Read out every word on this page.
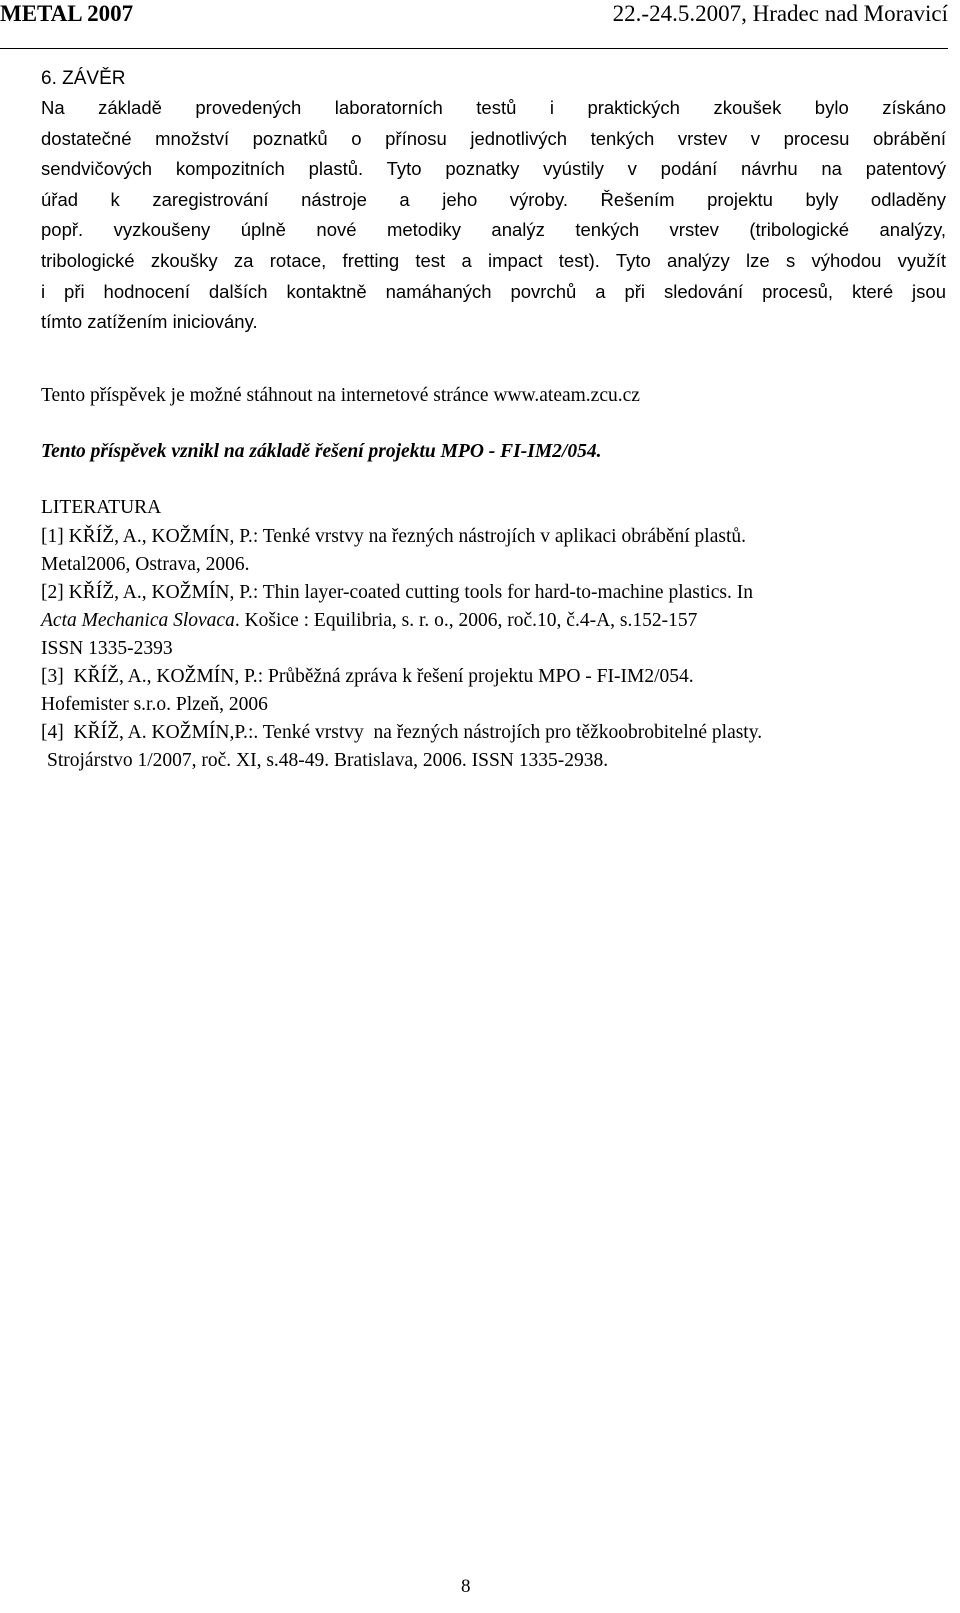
METAL 2007	22.-24.5.2007, Hradec nad Moravicí

6. ZÁVĚR

Na základě provedených laboratorních testů i praktických zkoušek bylo získáno
dostatečné množství poznatků o přínosu jednotlivých tenkých vrstev v procesu obrábění
sendvičových kompozitních plastů. Tyto poznatky vyústily v podání návrhu na patentový
úřad k zaregistrování nástroje a jeho výroby. Řešením projektu byly odladěny
popř. vyzkoušeny úplně nové metodiky analýz tenkých vrstev (tribologické analýzy,
tribologické zkoušky za rotace, fretting test a impact test). Tyto analýzy lze s výhodou využít
i při hodnocení dalších kontaktně namáhaných povrchů a při sledování procesů, které jsou
tímto zatížením iniciovány.

Tento příspěvek je možné stáhnout na internetové stránce www.ateam.zcu.cz
Tento příspěvek vznikl na základě řešení projektu MPO - FI-IM2/054.
LITERATURA
[1] KŘÍŽ, A., KOŽMÍN, P.: Tenké vrstvy na řezných nástrojích v aplikaci obrábění plastů.
Metal2006, Ostrava, 2006.
[2] KŘÍŽ, A., KOŽMÍN, P.: Thin layer-coated cutting tools for hard-to-machine plastics. In
Acta Mechanica Slovaca. Košice : Equilibria, s. r. o., 2006, roč.10, č.4-A, s.152-157
ISSN 1335-2393
[3]  KŘÍŽ, A., KOŽMÍN, P.: Průběžná zpráva k řešení projektu MPO - FI-IM2/054.
Hofemister s.r.o. Plzeň, 2006
[4]  KŘÍŽ, A. KOŽMÍN,P.:. Tenké vrstvy  na řezných nástrojích pro těžkoobrobitelné plasty.
Strojárstvo 1/2007, roč. XI, s.48-49. Bratislava, 2006. ISSN 1335-2938.
8
